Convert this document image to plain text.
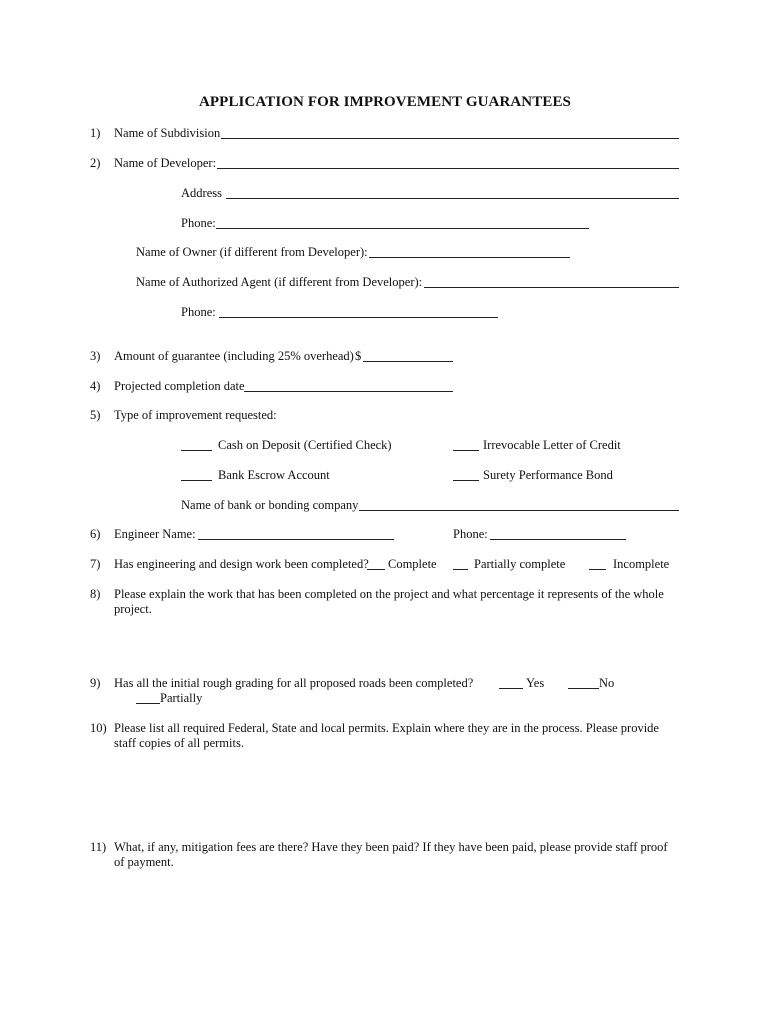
APPLICATION FOR IMPROVEMENT GUARANTEES
1) Name of Subdivision
2) Name of Developer:
Address
Phone:
Name of Owner (if different from Developer):
Name of Authorized Agent (if different from Developer):
Phone:
3) Amount of guarantee (including 25% overhead) $
4) Projected completion date
5) Type of improvement requested:
Cash on Deposit (Certified Check)	Irrevocable Letter of Credit
Bank Escrow Account	Surety Performance Bond
Name of bank or bonding company
6) Engineer Name:	Phone:
7) Has engineering and design work been completed? Complete	Partially complete	Incomplete
8) Please explain the work that has been completed on the project and what percentage it represents of the whole project.
9) Has all the initial rough grading for all proposed roads been completed?	Yes	No
Partially
10) Please list all required Federal, State and local permits. Explain where they are in the process. Please provide staff copies of all permits.
11) What, if any, mitigation fees are there? Have they been paid? If they have been paid, please provide staff proof of payment.
